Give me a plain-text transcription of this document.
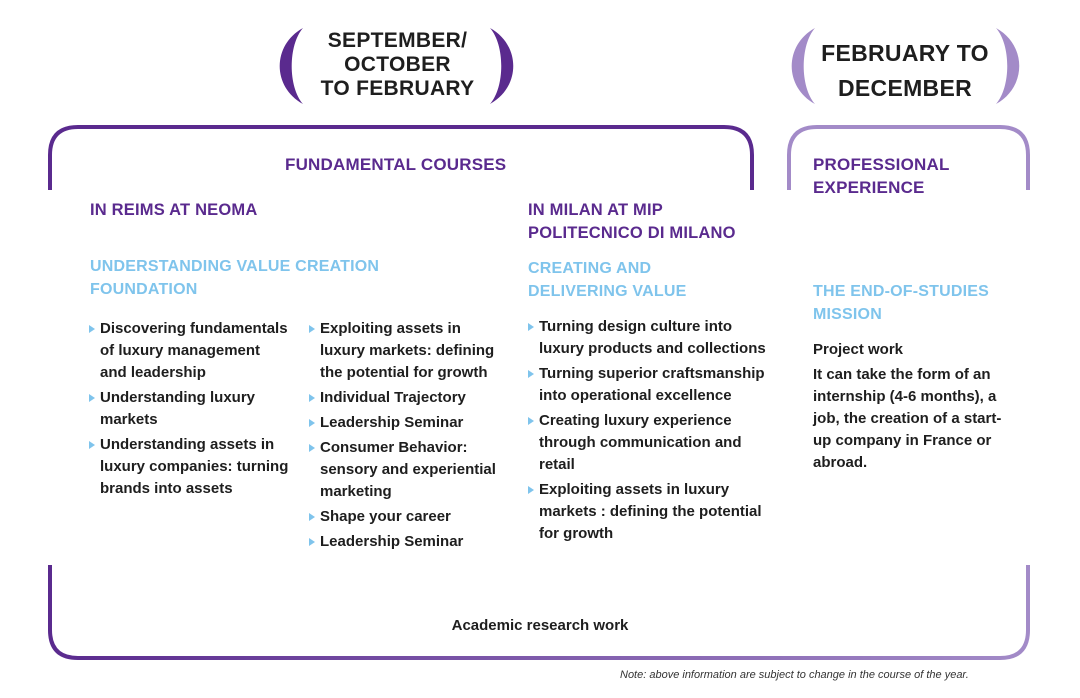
SEPTEMBER/
OCTOBER
TO FEBRUARY
FEBRUARY TO
DECEMBER
FUNDAMENTAL COURSES
IN REIMS AT NEOMA
UNDERSTANDING VALUE CREATION
FOUNDATION
Discovering fundamentals of luxury management and leadership
Understanding luxury markets
Understanding assets in luxury companies: turning brands into assets
Exploiting assets in luxury markets: defining the potential for growth
Individual Trajectory
Leadership Seminar
Consumer Behavior: sensory and experiential marketing
Shape your career
Leadership Seminar
IN MILAN AT MIP
POLITECNICO DI MILANO
CREATING AND
DELIVERING VALUE
Turning design culture into luxury products and collections
Turning superior craftsmanship into operational excellence
Creating luxury experience through communication and retail
Exploiting assets in luxury markets : defining the potential for growth
PROFESSIONAL
EXPERIENCE
THE END-OF-STUDIES
MISSION
Project work
It can take the form of an internship (4-6 months), a job, the creation of a start-up company in France or abroad.
Academic research work
Note: above information are subject to change in the course of the year.
